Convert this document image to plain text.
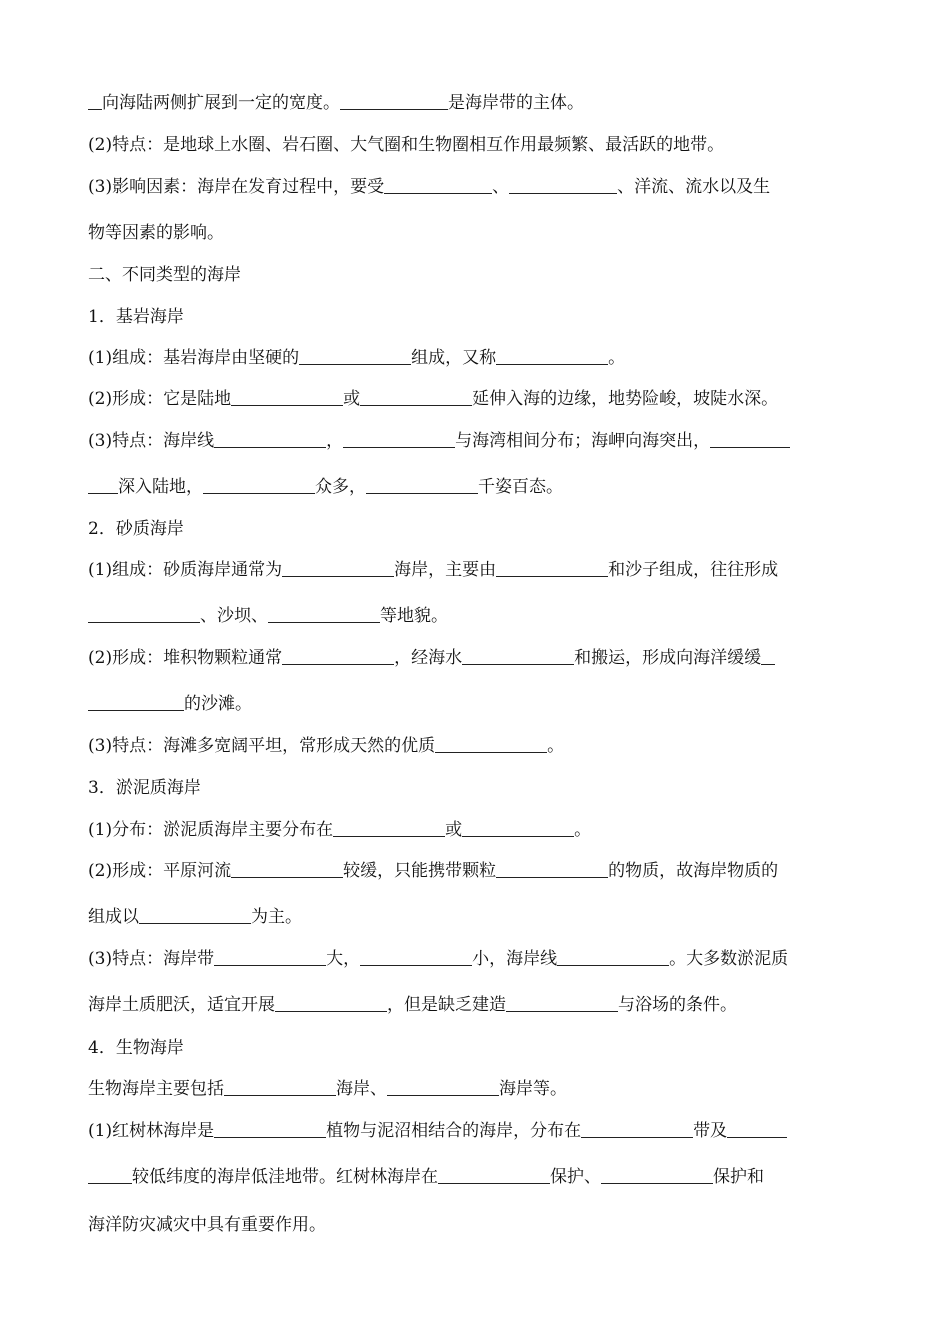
向海陆两侧扩展到一定的宽度。	是海岸带的主体。
(2)特点：是地球上水圈、岩石圈、大气圈和生物圈相互作用最频繁、最活跃的地带。
(3)影响因素：海岸在发育过程中，要受	、	、洋流、流水以及生
物等因素的影响。
二、不同类型的海岸
1．基岩海岸
(1)组成：基岩海岸由坚硬的	组成，又称	。
(2)形成：它是陆地	或	延伸入海的边缘，地势险峻，坡陡水深。
(3)特点：海岸线	，	与海湾相间分布；海岬向海突出，
深入陆地，	众多，	千姿百态。
2．砂质海岸
(1)组成：砂质海岸通常为	海岸，主要由	和沙子组成，往往形成
、沙坝、	等地貌。
(2)形成：堆积物颗粒通常	，经海水	和搬运，形成向海洋缓缓
的沙滩。
(3)特点：海滩多宽阔平坦，常形成天然的优质	。
3．淤泥质海岸
(1)分布：淤泥质海岸主要分布在	或	。
(2)形成：平原河流	较缓，只能携带颗粒	的物质，故海岸物质的
组成以	为主。
(3)特点：海岸带	大，	小，海岸线	。大多数淤泥质
海岸土质肥沃，适宜开展	，但是缺乏建造	与浴场的条件。
4．生物海岸
生物海岸主要包括	海岸、	海岸等。
(1)红树林海岸是	植物与泥沼相结合的海岸，分布在	带及
较低纬度的海岸低洼地带。红树林海岸在	保护、	保护和
海洋防灾减灾中具有重要作用。
